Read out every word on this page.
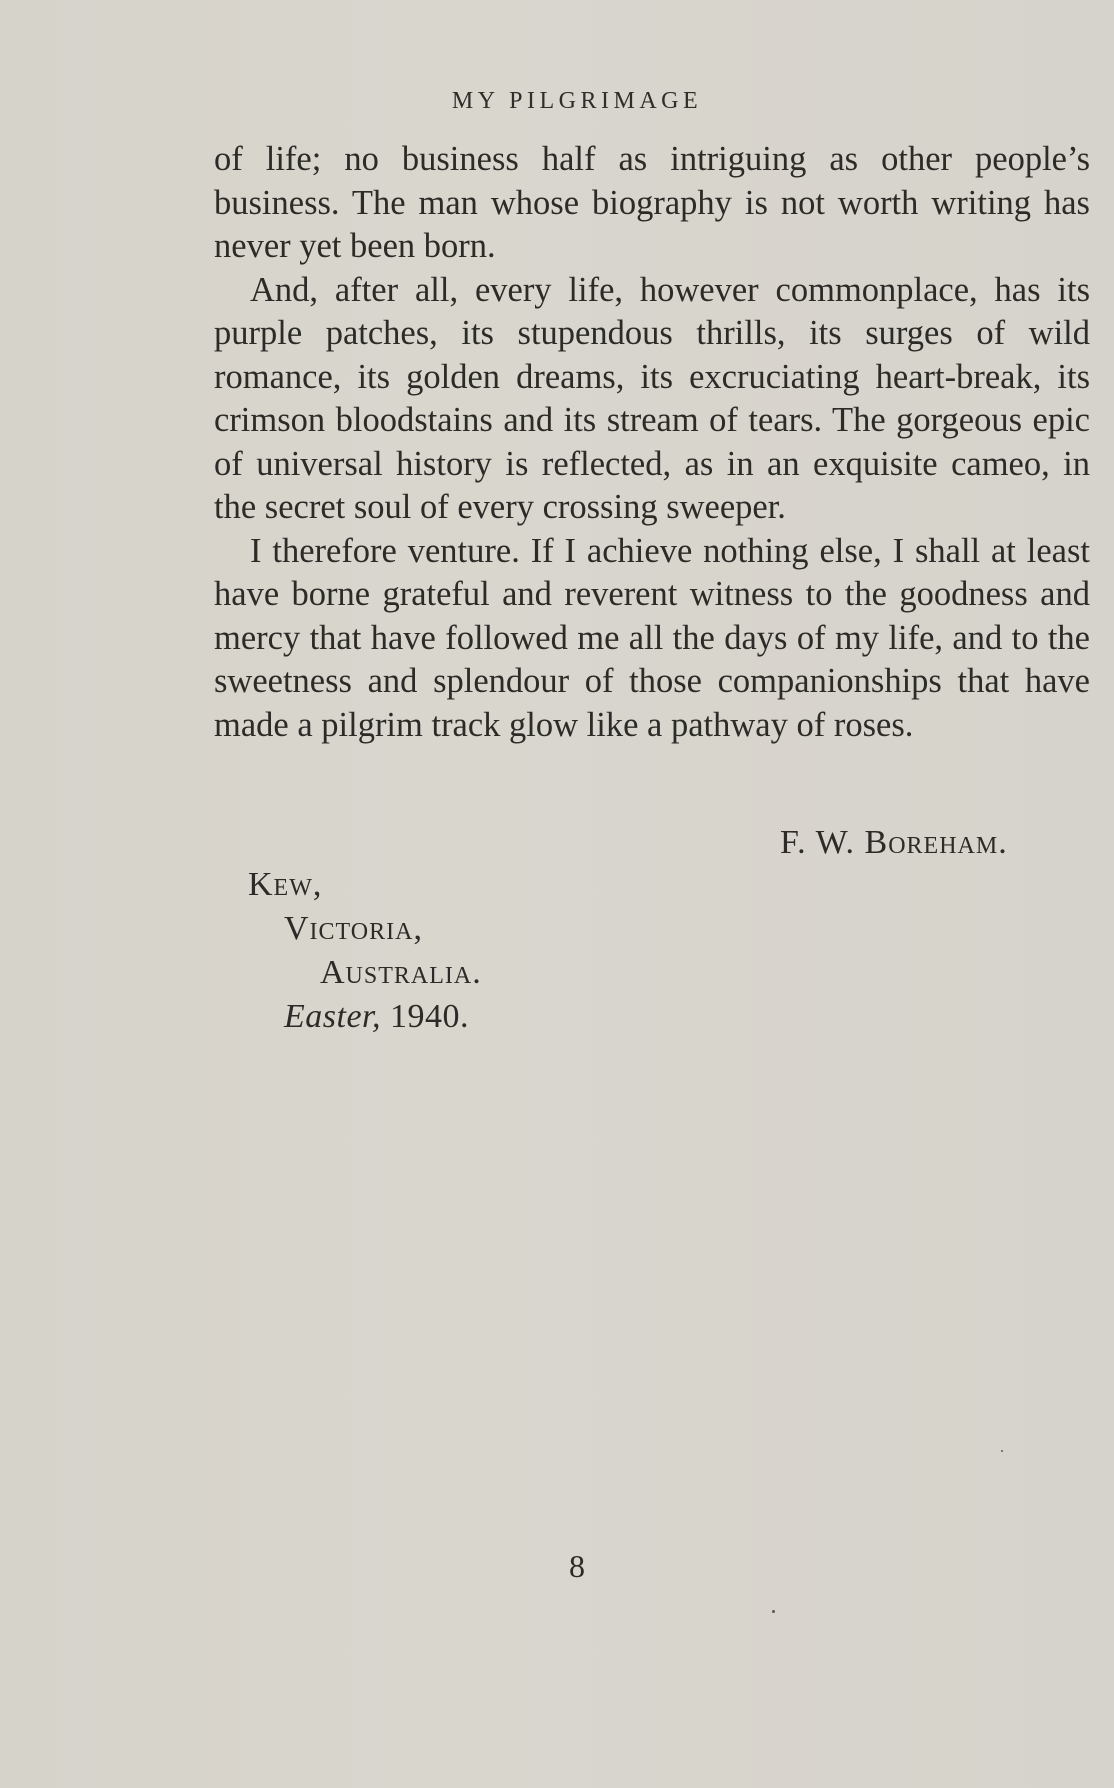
MY PILGRIMAGE

of life; no business half as intriguing as other people’s business. The man whose biography is not worth writing has never yet been born.

And, after all, every life, however commonplace, has its purple patches, its stupendous thrills, its surges of wild romance, its golden dreams, its excruciating heart-break, its crimson bloodstains and its stream of tears. The gorgeous epic of universal history is reflected, as in an exquisite cameo, in the secret soul of every crossing sweeper.

I therefore venture. If I achieve nothing else, I shall at least have borne grateful and reverent witness to the goodness and mercy that have followed me all the days of my life, and to the sweetness and splendour of those companionships that have made a pilgrim track glow like a pathway of roses.

F. W. Boreham.
Kew,
Victoria,
Australia.
Easter, 1940.
8
